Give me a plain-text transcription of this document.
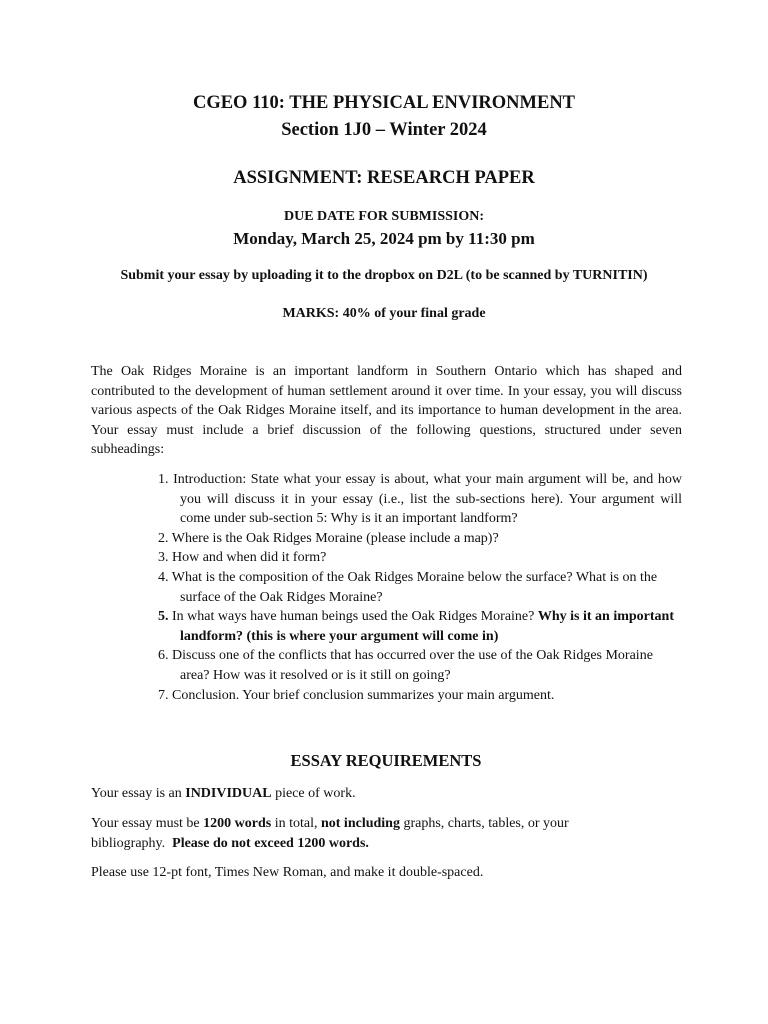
CGEO 110: THE PHYSICAL ENVIRONMENT
Section 1J0 – Winter 2024
ASSIGNMENT: RESEARCH PAPER
DUE DATE FOR SUBMISSION:
Monday, March 25, 2024 pm by 11:30 pm
Submit your essay by uploading it to the dropbox on D2L (to be scanned by TURNITIN)
MARKS: 40% of your final grade
The Oak Ridges Moraine is an important landform in Southern Ontario which has shaped and contributed to the development of human settlement around it over time. In your essay, you will discuss various aspects of the Oak Ridges Moraine itself, and its importance to human development in the area. Your essay must include a brief discussion of the following questions, structured under seven subheadings:
1. Introduction: State what your essay is about, what your main argument will be, and how you will discuss it in your essay (i.e., list the sub-sections here). Your argument will come under sub-section 5: Why is it an important landform?
2. Where is the Oak Ridges Moraine (please include a map)?
3. How and when did it form?
4. What is the composition of the Oak Ridges Moraine below the surface? What is on the surface of the Oak Ridges Moraine?
5. In what ways have human beings used the Oak Ridges Moraine? Why is it an important landform? (this is where your argument will come in)
6. Discuss one of the conflicts that has occurred over the use of the Oak Ridges Moraine area? How was it resolved or is it still on going?
7. Conclusion. Your brief conclusion summarizes your main argument.
ESSAY REQUIREMENTS
Your essay is an INDIVIDUAL piece of work.
Your essay must be 1200 words in total, not including graphs, charts, tables, or your bibliography.  Please do not exceed 1200 words.
Please use 12-pt font, Times New Roman, and make it double-spaced.
